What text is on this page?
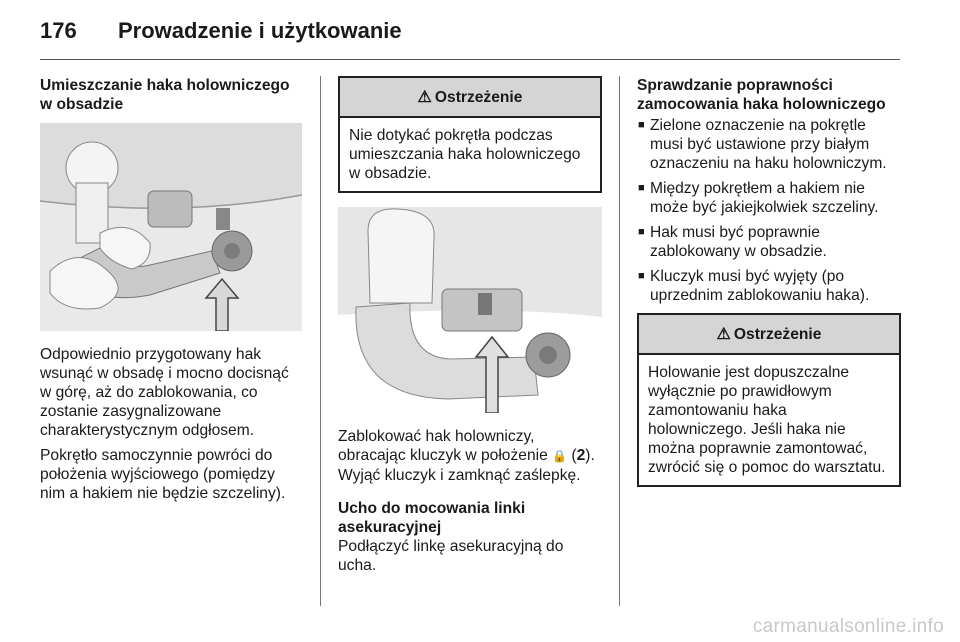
176 Prowadzenie i użytkowanie
Umieszczanie haka holowniczego
w obsadzie
Odpowiednio przygotowany hak
wsunąć w obsadę i mocno docisnąć
w górę, aż do zablokowania, co
zostanie zasygnalizowane
charakterystycznym odgłosem.
Pokrętło samoczynnie powróci do
położenia wyjściowego (pomiędzy
nim a hakiem nie będzie szczeliny).
⚠ Ostrzeżenie
Nie dotykać pokrętła podczas
umieszczania haka holowniczego
w obsadzie.
Zablokować hak holowniczy,
obracając kluczyk w położenie 🔒 (2).
Wyjąć kluczyk i zamknąć zaślepkę.
Ucho do mocowania linki
asekuracyjnej
Podłączyć linkę asekuracyjną do
ucha.
Sprawdzanie poprawności
zamocowania haka holowniczego
■ Zielone oznaczenie na pokrętle
musi być ustawione przy białym
oznaczeniu na haku holowniczym.
■ Między pokrętłem a hakiem nie
może być jakiejkolwiek szczeliny.
■ Hak musi być poprawnie
zablokowany w obsadzie.
■ Kluczyk musi być wyjęty (po
uprzednim zablokowaniu haka).
⚠ Ostrzeżenie
Holowanie jest dopuszczalne
wyłącznie po prawidłowym
zamontowaniu haka
holowniczego. Jeśli haka nie
można poprawnie zamontować,
zwrócić się o pomoc do warsztatu.
carmanualsonline.info
